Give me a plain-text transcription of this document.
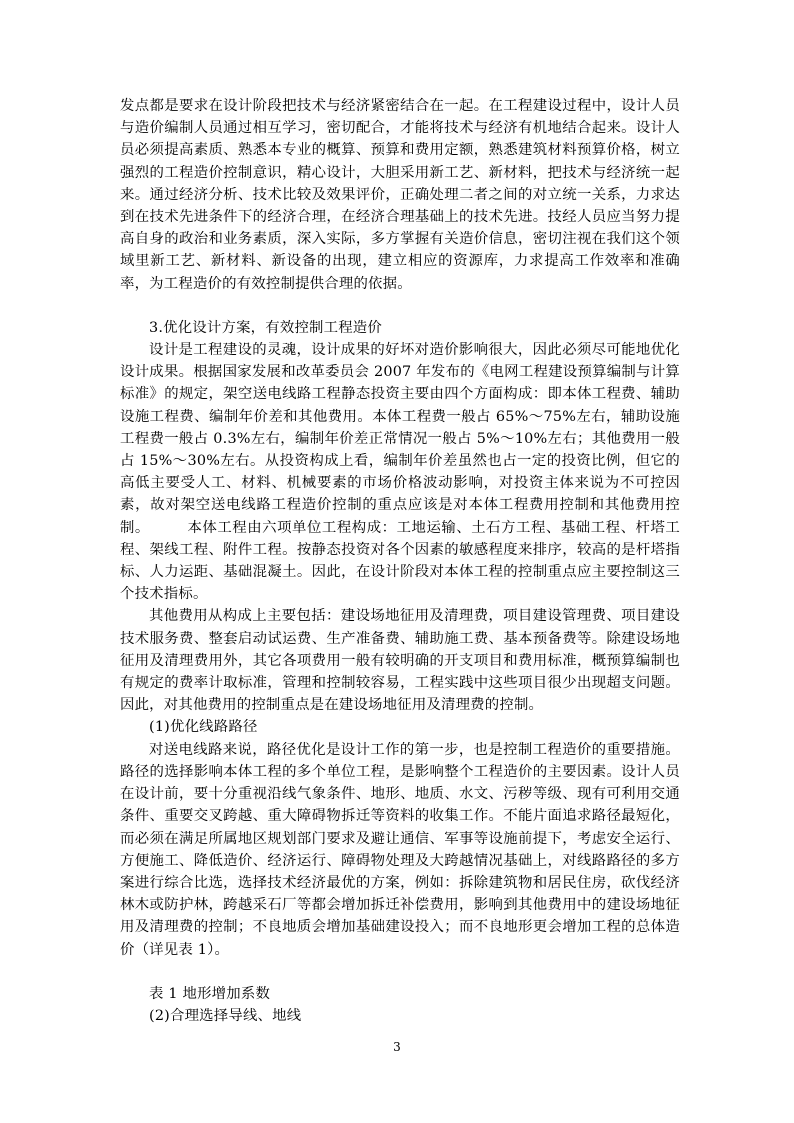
发点都是要求在设计阶段把技术与经济紧密结合在一起。在工程建设过程中，设计人员与造价编制人员通过相互学习，密切配合，才能将技术与经济有机地结合起来。设计人员必须提高素质、熟悉本专业的概算、预算和费用定额，熟悉建筑材料预算价格，树立强烈的工程造价控制意识，精心设计，大胆采用新工艺、新材料，把技术与经济统一起来。通过经济分析、技术比较及效果评价，正确处理二者之间的对立统一关系，力求达到在技术先进条件下的经济合理，在经济合理基础上的技术先进。技经人员应当努力提高自身的政治和业务素质，深入实际，多方掌握有关造价信息，密切注视在我们这个领域里新工艺、新材料、新设备的出现，建立相应的资源库，力求提高工作效率和准确率，为工程造价的有效控制提供合理的依据。

3.优化设计方案，有效控制工程造价

设计是工程建设的灵魂，设计成果的好坏对造价影响很大，因此必须尽可能地优化设计成果。根据国家发展和改革委员会 2007 年发布的《电网工程建设预算编制与计算标准》的规定，架空送电线路工程静态投资主要由四个方面构成：即本体工程费、辅助设施工程费、编制年价差和其他费用。本体工程费一般占 65%～75%左右，辅助设施工程费一般占 0.3%左右，编制年价差正常情况一般占 5%～10%左右；其他费用一般占 15%～30%左右。从投资构成上看，编制年价差虽然也占一定的投资比例，但它的高低主要受人工、材料、机械要素的市场价格波动影响，对投资主体来说为不可控因素，故对架空送电线路工程造价控制的重点应该是对本体工程费用控制和其他费用控制。　　　本体工程由六项单位工程构成：工地运输、土石方工程、基础工程、杆塔工程、架线工程、附件工程。按静态投资对各个因素的敏感程度来排序，较高的是杆塔指标、人力运距、基础混凝土。因此，在设计阶段对本体工程的控制重点应主要控制这三个技术指标。

其他费用从构成上主要包括：建设场地征用及清理费，项目建设管理费、项目建设技术服务费、整套启动试运费、生产准备费、辅助施工费、基本预备费等。除建设场地征用及清理费用外，其它各项费用一般有较明确的开支项目和费用标准，概预算编制也有规定的费率计取标准，管理和控制较容易，工程实践中这些项目很少出现超支问题。因此，对其他费用的控制重点是在建设场地征用及清理费的控制。

(1)优化线路路径

对送电线路来说，路径优化是设计工作的第一步，也是控制工程造价的重要措施。路径的选择影响本体工程的多个单位工程，是影响整个工程造价的主要因素。设计人员在设计前，要十分重视沿线气象条件、地形、地质、水文、污秽等级、现有可利用交通条件、重要交叉跨越、重大障碍物拆迁等资料的收集工作。不能片面追求路径最短化，而必须在满足所属地区规划部门要求及避让通信、军事等设施前提下，考虑安全运行、方便施工、降低造价、经济运行、障碍物处理及大跨越情况基础上，对线路路径的多方案进行综合比选，选择技术经济最优的方案，例如：拆除建筑物和居民住房，砍伐经济林木或防护林，跨越采石厂等都会增加拆迁补偿费用，影响到其他费用中的建设场地征用及清理费的控制；不良地质会增加基础建设投入；而不良地形更会增加工程的总体造价（详见表 1）。

表 1 地形增加系数

(2)合理选择导线、地线

3
